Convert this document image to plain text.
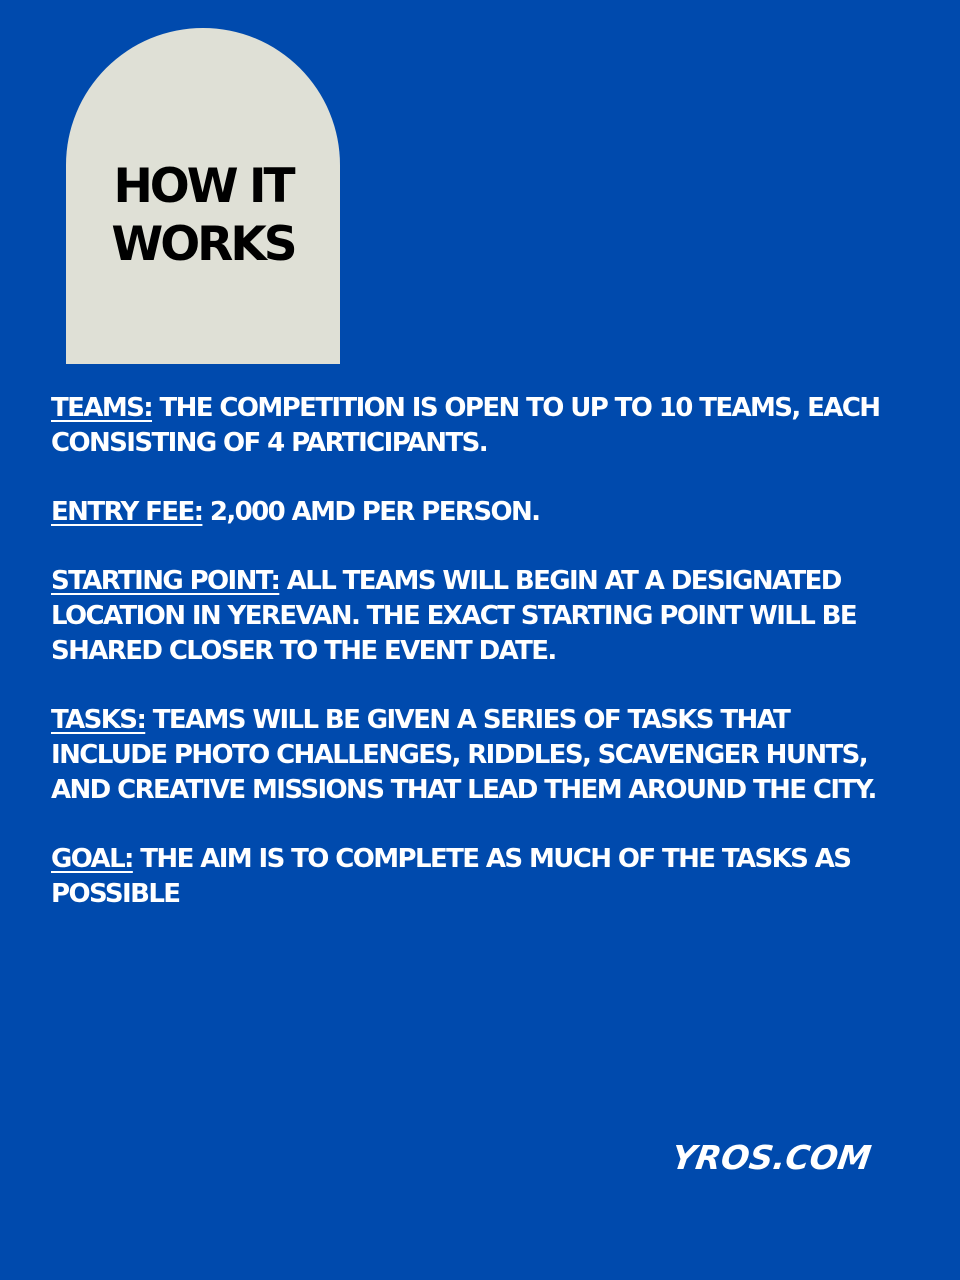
HOW IT
WORKS

TEAMS: THE COMPETITION IS OPEN TO UP TO 10 TEAMS, EACH CONSISTING OF 4 PARTICIPANTS.

ENTRY FEE: 2,000 AMD PER PERSON.

STARTING POINT: ALL TEAMS WILL BEGIN AT A DESIGNATED LOCATION IN YEREVAN. THE EXACT STARTING POINT WILL BE SHARED CLOSER TO THE EVENT DATE.

TASKS: TEAMS WILL BE GIVEN A SERIES OF TASKS THAT INCLUDE PHOTO CHALLENGES, RIDDLES, SCAVENGER HUNTS, AND CREATIVE MISSIONS THAT LEAD THEM AROUND THE CITY.

GOAL: THE AIM IS TO COMPLETE AS MUCH OF THE TASKS AS POSSIBLE

YROS.COM
